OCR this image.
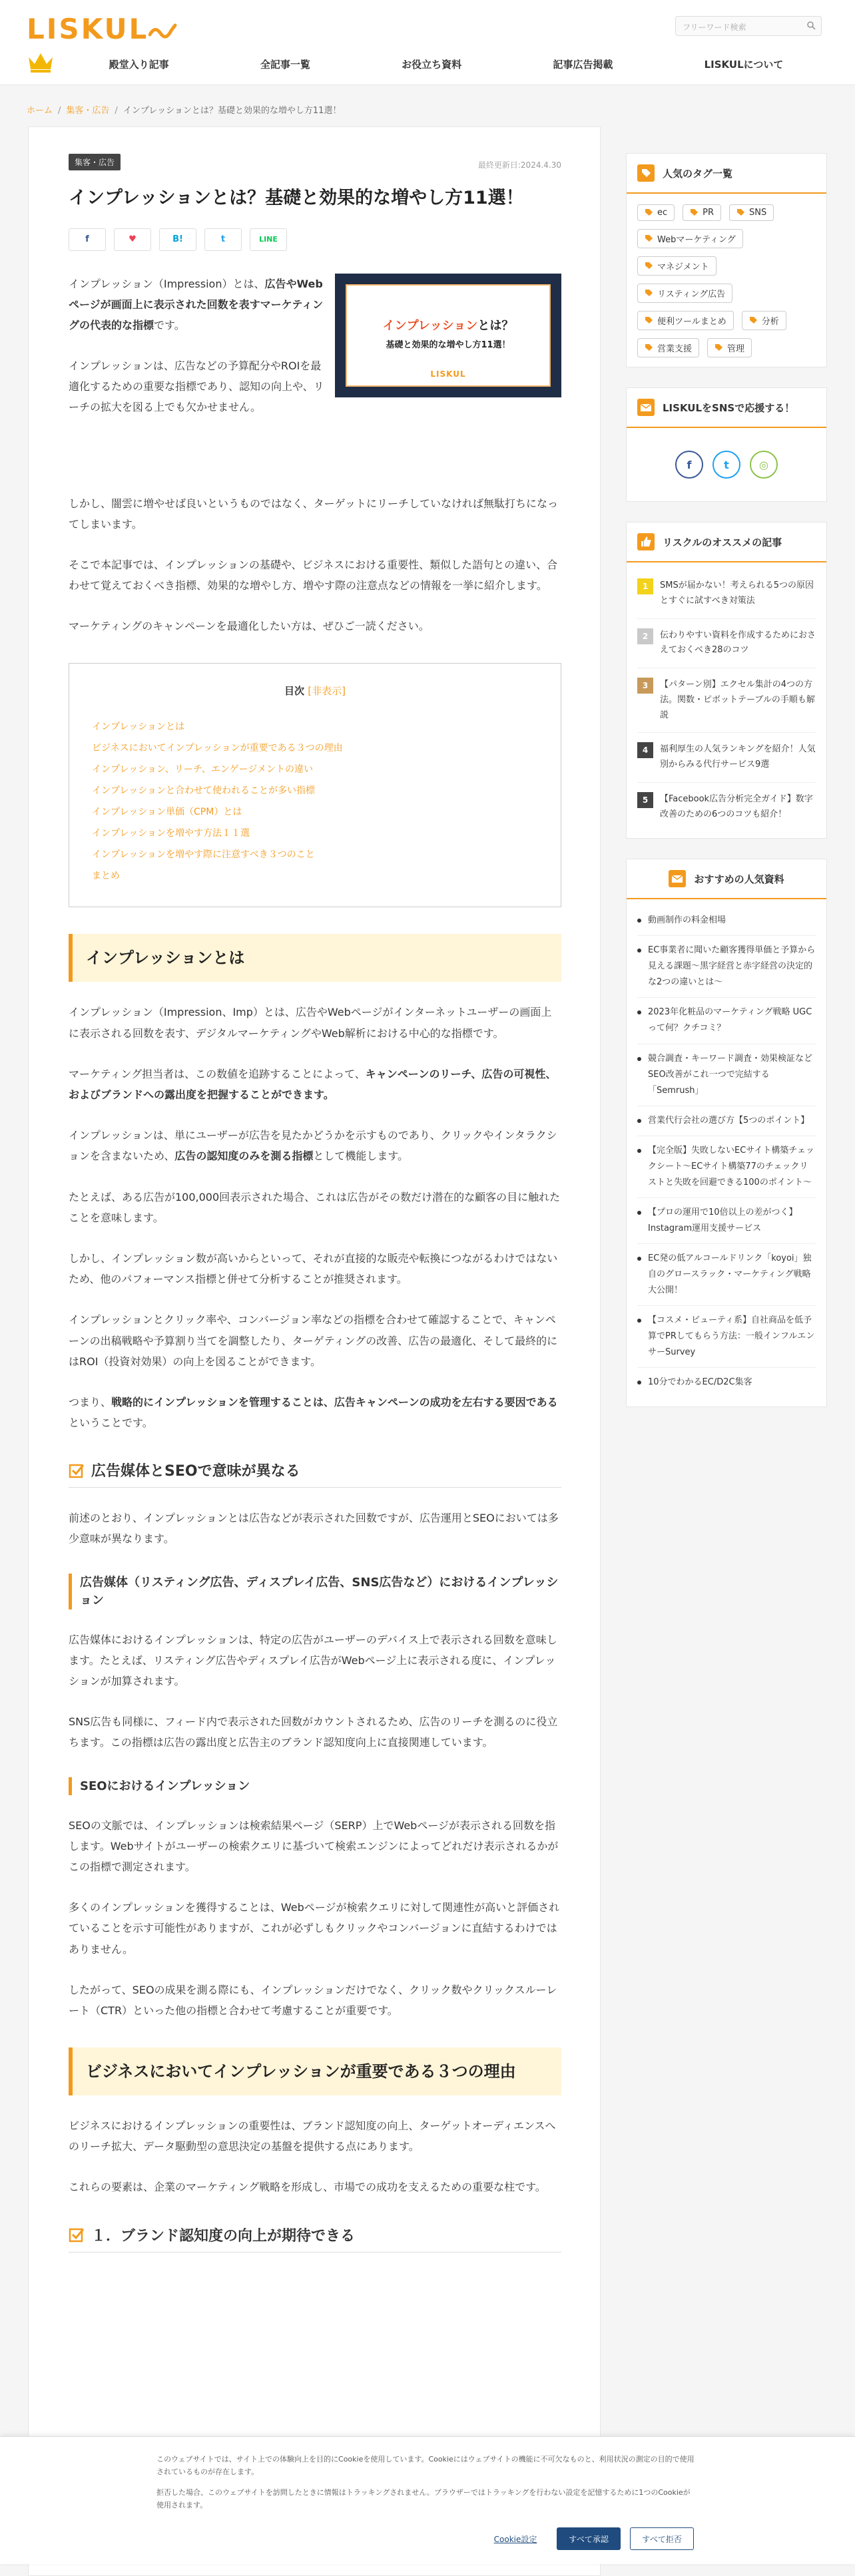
LISKUL	フリーワード検索
殿堂入り記事	全記事一覧	お役立ち資料	記事広告掲載	LISKULについて
ホーム / 集客・広告 / インプレッションとは？基礎と効果的な増やし方11選！
集客・広告	最終更新日:2024.4.30
インプレッションとは？基礎と効果的な増やし方11選！
f	♥	B!	t	LINE

インプレッション（Impression）とは、広告やWebページが画面上に表示された回数を表すマーケティングの代表的な指標です。

インプレッションは、広告などの予算配分やROIを最適化するための重要な指標であり、認知の向上や、リーチの拡大を図る上でも欠かせません。

インプレッションとは？
基礎と効果的な増やし方11選！
LISKUL

しかし、闇雲に増やせば良いというものではなく、ターゲットにリーチしていなければ無駄打ちになってしまいます。

そこで本記事では、インプレッションの基礎や、ビジネスにおける重要性、類似した語句との違い、合わせて覚えておくべき指標、効果的な増やし方、増やす際の注意点などの情報を一挙に紹介します。

マーケティングのキャンペーンを最適化したい方は、ぜひご一読ください。

目次 [非表示]
インプレッションとは
ビジネスにおいてインプレッションが重要である３つの理由
インプレッション、リーチ、エンゲージメントの違い
インプレッションと合わせて使われることが多い指標
インプレッション単価（CPM）とは
インプレッションを増やす方法１１選
インプレッションを増やす際に注意すべき３つのこと
まとめ
インプレッションとは

インプレッション（Impression、Imp）とは、広告やWebページがインターネットユーザーの画面上に表示される回数を表す、デジタルマーケティングやWeb解析における中心的な指標です。

マーケティング担当者は、この数値を追跡することによって、キャンペーンのリーチ、広告の可視性、およびブランドへの露出度を把握することができます。

インプレッションは、単にユーザーが広告を見たかどうかを示すものであり、クリックやインタラクションを含まないため、広告の認知度のみを測る指標として機能します。

たとえば、ある広告が100,000回表示された場合、これは広告がその数だけ潜在的な顧客の目に触れたことを意味します。

しかし、インプレッション数が高いからといって、それが直接的な販売や転換につながるわけではないため、他のパフォーマンス指標と併せて分析することが推奨されます。

インプレッションとクリック率や、コンバージョン率などの指標を合わせて確認することで、キャンペーンの出稿戦略や予算割り当てを調整したり、ターゲティングの改善、広告の最適化、そして最終的にはROI（投資対効果）の向上を図ることができます。

つまり、戦略的にインプレッションを管理することは、広告キャンペーンの成功を左右する要因であるということです。

広告媒体とSEOで意味が異なる

前述のとおり、インプレッションとは広告などが表示された回数ですが、広告運用とSEOにおいては多少意味が異なります。

広告媒体（リスティング広告、ディスプレイ広告、SNS広告など）におけるインプレッション

広告媒体におけるインプレッションは、特定の広告がユーザーのデバイス上で表示される回数を意味します。たとえば、リスティング広告やディスプレイ広告がWebページ上に表示される度に、インプレッションが加算されます。

SNS広告も同様に、フィード内で表示された回数がカウントされるため、広告のリーチを測るのに役立ちます。この指標は広告の露出度と広告主のブランド認知度向上に直接関連しています。

SEOにおけるインプレッション

SEOの文脈では、インプレッションは検索結果ページ（SERP）上でWebページが表示される回数を指します。Webサイトがユーザーの検索クエリに基づいて検索エンジンによってどれだけ表示されるかがこの指標で測定されます。

多くのインプレッションを獲得することは、Webページが検索クエリに対して関連性が高いと評価されていることを示す可能性がありますが、これが必ずしもクリックやコンバージョンに直結するわけではありません。

したがって、SEOの成果を測る際にも、インプレッションだけでなく、クリック数やクリックスルーレート（CTR）といった他の指標と合わせて考慮することが重要です。

ビジネスにおいてインプレッションが重要である３つの理由

ビジネスにおけるインプレッションの重要性は、ブランド認知度の向上、ターゲットオーディエンスへのリーチ拡大、データ駆動型の意思決定の基盤を提供する点にあります。

これらの要素は、企業のマーケティング戦略を形成し、市場での成功を支えるための重要な柱です。

１．ブランド認知度の向上が期待できる
人気のタグ一覧
ec	PR	SNS
Webマーケティング
マネジメント
リスティング広告
便利ツールまとめ	分析
営業支援	管理
LISKULをSNSで応援する！
f	t	◎
リスクルのオススメの記事
1	SMSが届かない！考えられる5つの原因とすぐに試すべき対策法
2	伝わりやすい資料を作成するためにおさえておくべき28のコツ
3	【パターン別】エクセル集計の4つの方法。関数・ピボットテーブルの手順も解説
4	福利厚生の人気ランキングを紹介！人気別からみる代行サービス9選
5	【Facebook広告分析完全ガイド】数字改善のための6つのコツも紹介！
おすすめの人気資料
動画制作の料金相場
EC事業者に聞いた顧客獲得単価と予算から見える課題〜黒字経営と赤字経営の決定的な2つの違いとは〜
2023年化粧品のマーケティング戦略 UGCって何？クチコミ？
競合調査・キーワード調査・効果検証などSEO改善がこれ一つで完結する「Semrush」
営業代行会社の選び方【5つのポイント】
【完全版】失敗しないECサイト構築チェックシート〜ECサイト構築77のチェックリストと失敗を回避できる100のポイント〜
【プロの運用で10倍以上の差がつく】Instagram運用支援サービス
EC発の低アルコールドリンク「koyoi」独自のグロースラック・マーケティング戦略大公開！
【コスメ・ビューティ系】自社商品を低予算でPRしてもらう方法：一般インフルエンサーSurvey
10分でわかるEC/D2C集客

このウェブサイトでは、サイト上での体験向上を目的にCookieを使用しています。Cookieにはウェブサイトの機能に不可欠なものと、利用状況の測定の目的で使用されているものが存在します。

拒否した場合、このウェブサイトを訪問したときに情報はトラッキングされません。ブラウザーではトラッキングを行わない設定を記憶するために1つのCookieが使用されます。

Cookie設定	すべて承認	すべて拒否
